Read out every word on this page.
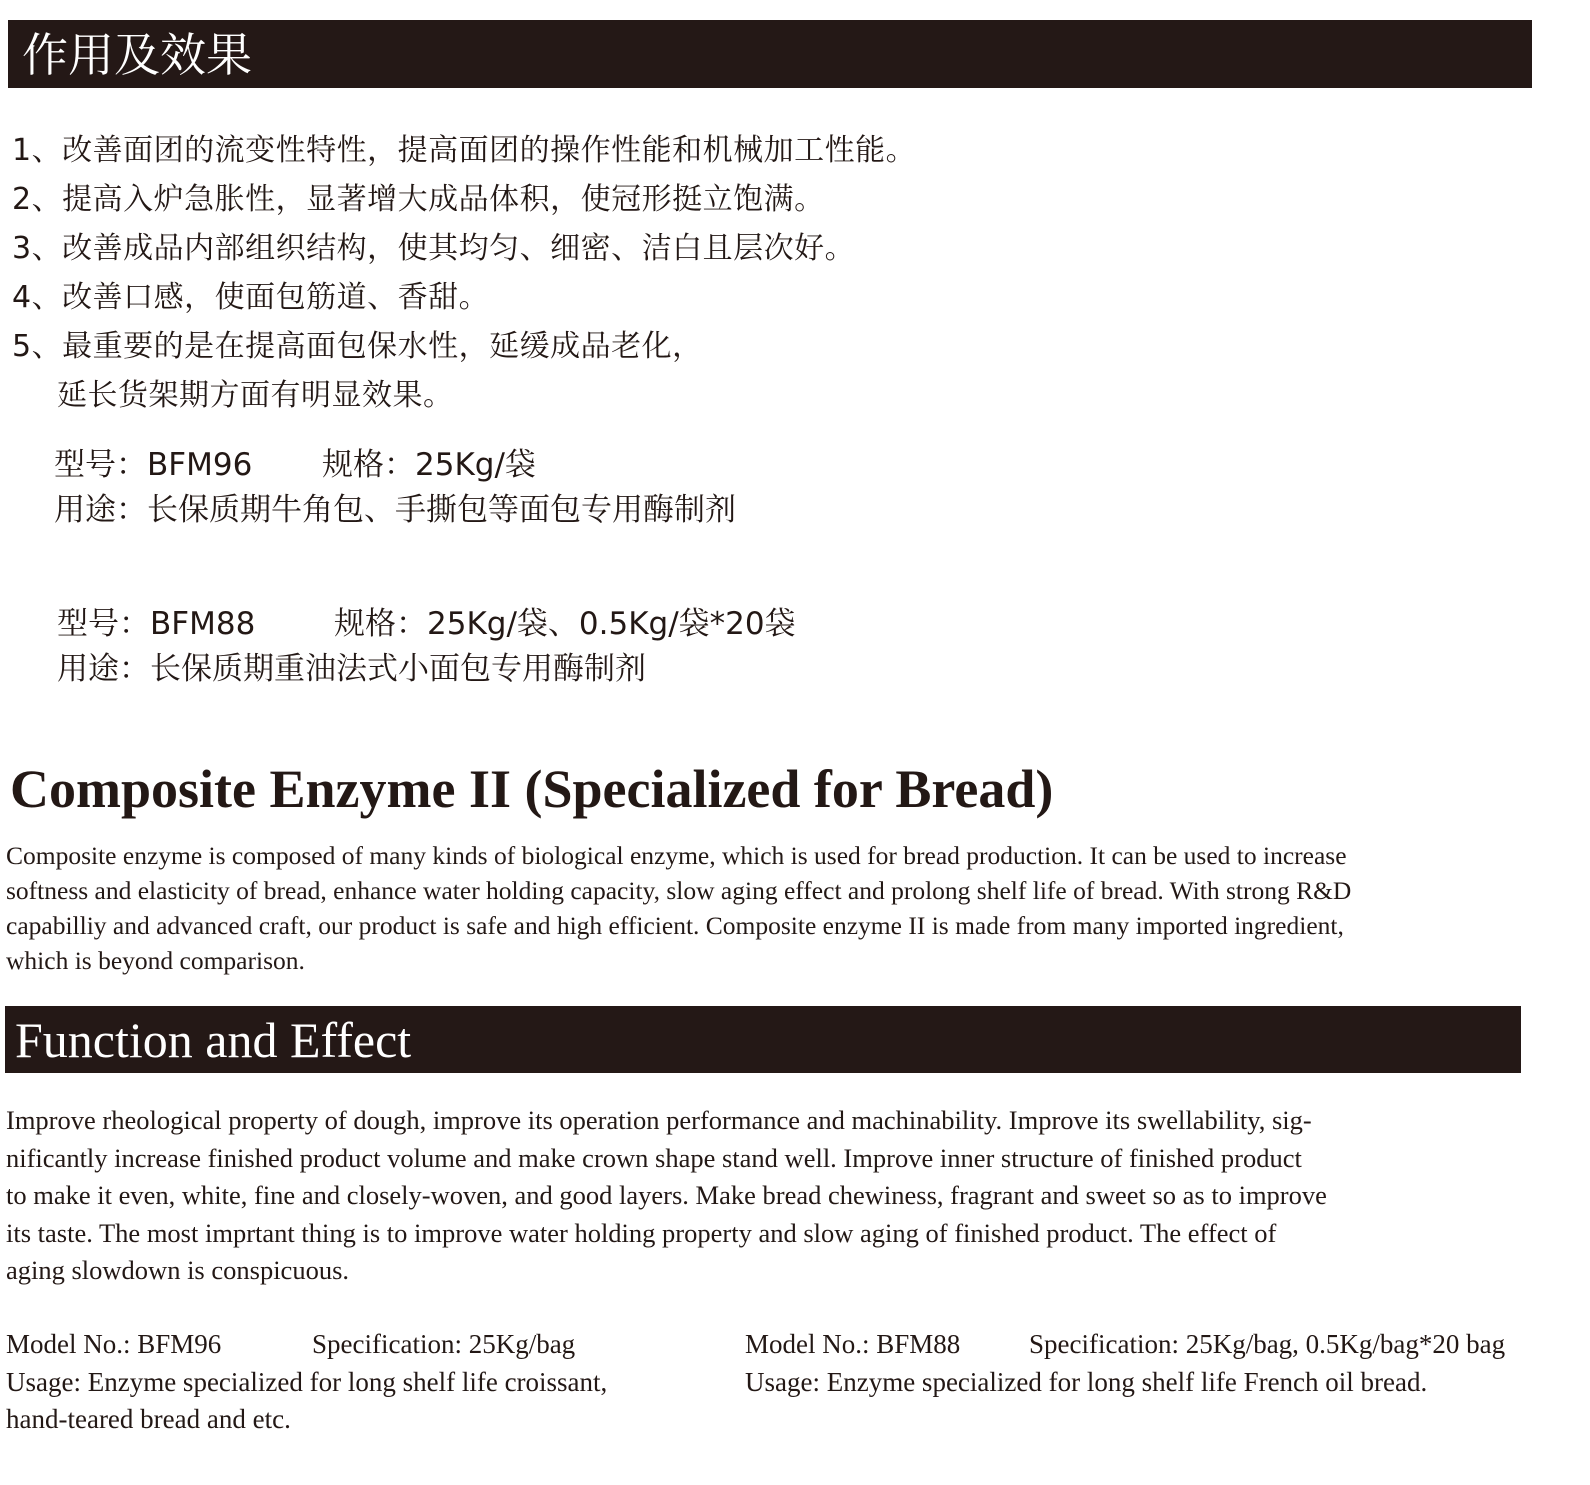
作用及效果
1、改善面团的流变性特性，提高面团的操作性能和机械加工性能。
2、提高入炉急胀性，显著增大成品体积，使冠形挺立饱满。
3、改善成品内部组织结构，使其均匀、细密、洁白且层次好。
4、改善口感，使面包筋道、香甜。
5、最重要的是在提高面包保水性，延缓成品老化，
延长货架期方面有明显效果。
型号：BFM96 规格：25Kg/袋
用途：长保质期牛角包、手撕包等面包专用酶制剂
型号：BFM88	规格：25Kg/袋、0.5Kg/袋*20袋
用途：长保质期重油法式小面包专用酶制剂
Composite Enzyme II (Specialized for Bread)
Composite enzyme is composed of many kinds of biological enzyme, which is used for bread production. It can be used to increase
softness and elasticity of bread, enhance water holding capacity, slow aging effect and prolong shelf life of bread. With strong R&D
capabilliy and advanced craft, our product is safe and high efficient. Composite enzyme II is made from many imported ingredient,
which is beyond comparison.
Function and Effect
Improve rheological property of dough, improve its operation performance and machinability. Improve its swellability, sig-
nificantly increase finished product volume and make crown shape stand well. Improve inner structure of finished product
to make it even, white, fine and closely-woven, and good layers. Make bread chewiness, fragrant and sweet so as to improve
its taste. The most imprtant thing is to improve water holding property and slow aging of finished product. The effect of
aging slowdown is conspicuous.
Model No.: BFM96	Specification: 25Kg/bag
Usage: Enzyme specialized for long shelf life croissant,
hand-teared bread and etc.
Model No.: BFM88	Specification: 25Kg/bag, 0.5Kg/bag*20 bag
Usage: Enzyme specialized for long shelf life French oil bread.
